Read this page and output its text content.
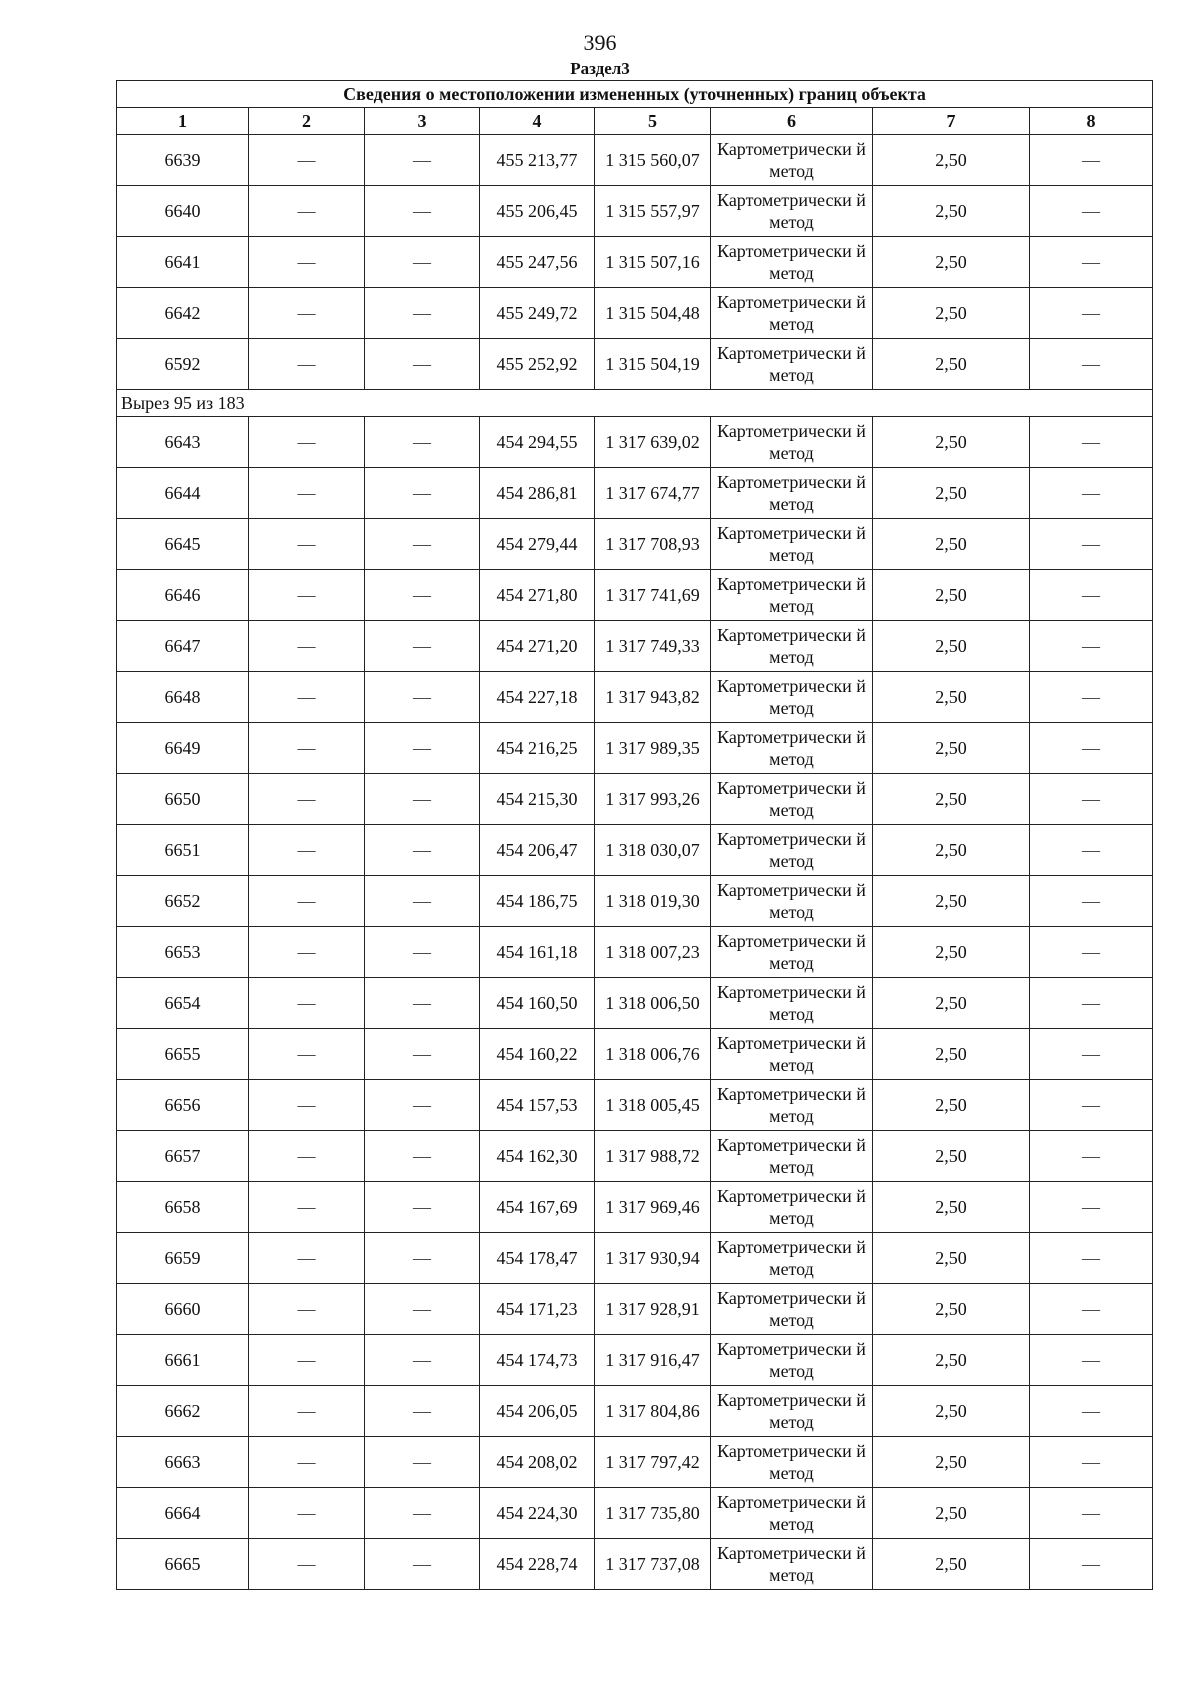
396
Раздел3
Сведения о местоположении измененных (уточненных) границ объекта							
1	2	3	4	5	6	7	8
6639	—	—	455 213,77	1 315 560,07	Картометрически й метод	2,50	—
6640	—	—	455 206,45	1 315 557,97	Картометрически й метод	2,50	—
6641	—	—	455 247,56	1 315 507,16	Картометрически й метод	2,50	—
6642	—	—	455 249,72	1 315 504,48	Картометрически й метод	2,50	—
6592	—	—	455 252,92	1 315 504,19	Картометрически й метод	2,50	—
Вырез 95 из 183							
6643	—	—	454 294,55	1 317 639,02	Картометрически й метод	2,50	—
6644	—	—	454 286,81	1 317 674,77	Картометрически й метод	2,50	—
6645	—	—	454 279,44	1 317 708,93	Картометрически й метод	2,50	—
6646	—	—	454 271,80	1 317 741,69	Картометрически й метод	2,50	—
6647	—	—	454 271,20	1 317 749,33	Картометрически й метод	2,50	—
6648	—	—	454 227,18	1 317 943,82	Картометрически й метод	2,50	—
6649	—	—	454 216,25	1 317 989,35	Картометрически й метод	2,50	—
6650	—	—	454 215,30	1 317 993,26	Картометрически й метод	2,50	—
6651	—	—	454 206,47	1 318 030,07	Картометрически й метод	2,50	—
6652	—	—	454 186,75	1 318 019,30	Картометрически й метод	2,50	—
6653	—	—	454 161,18	1 318 007,23	Картометрически й метод	2,50	—
6654	—	—	454 160,50	1 318 006,50	Картометрически й метод	2,50	—
6655	—	—	454 160,22	1 318 006,76	Картометрически й метод	2,50	—
6656	—	—	454 157,53	1 318 005,45	Картометрически й метод	2,50	—
6657	—	—	454 162,30	1 317 988,72	Картометрически й метод	2,50	—
6658	—	—	454 167,69	1 317 969,46	Картометрически й метод	2,50	—
6659	—	—	454 178,47	1 317 930,94	Картометрически й метод	2,50	—
6660	—	—	454 171,23	1 317 928,91	Картометрически й метод	2,50	—
6661	—	—	454 174,73	1 317 916,47	Картометрически й метод	2,50	—
6662	—	—	454 206,05	1 317 804,86	Картометрически й метод	2,50	—
6663	—	—	454 208,02	1 317 797,42	Картометрически й метод	2,50	—
6664	—	—	454 224,30	1 317 735,80	Картометрически й метод	2,50	—
6665	—	—	454 228,74	1 317 737,08	Картометрически й метод	2,50	—
